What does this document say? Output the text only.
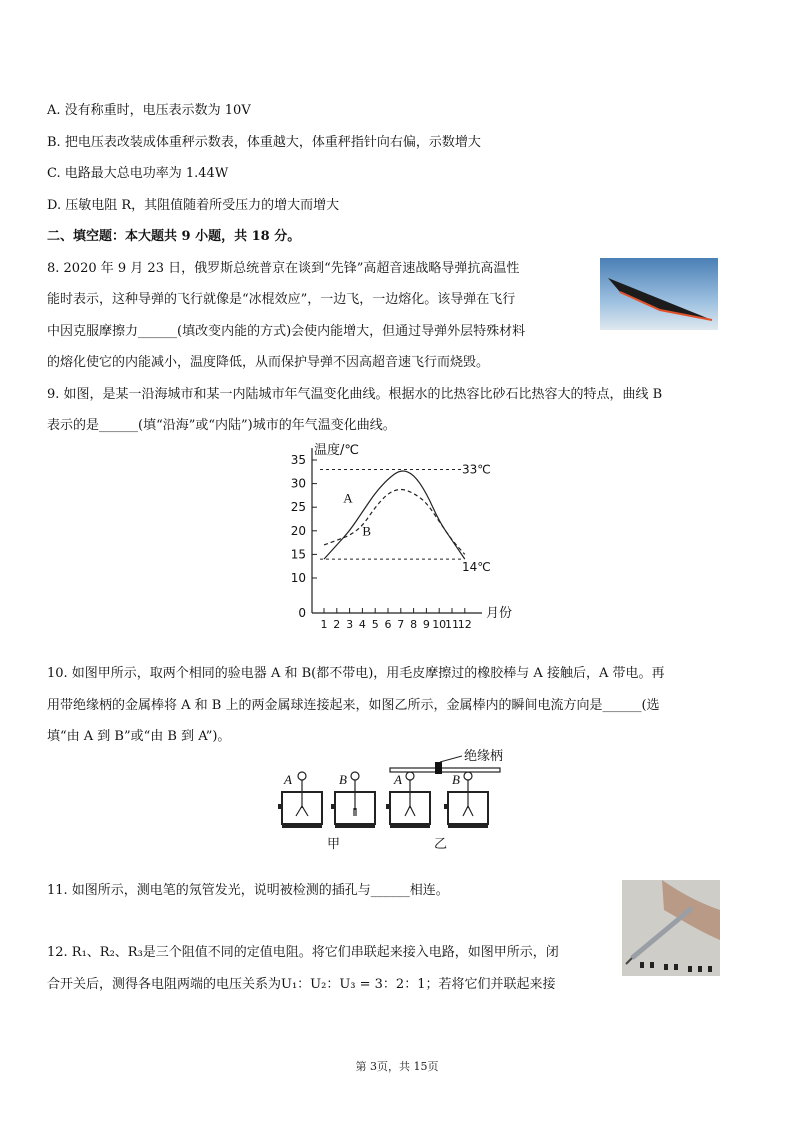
A. 没有称重时，电压表示数为 10V
B. 把电压表改装成体重秤示数表，体重越大，体重秤指针向右偏，示数增大
C. 电路最大总电功率为 1.44W
D. 压敏电阻 R，其阻值随着所受压力的增大而增大
二、填空题：本大题共 9 小题，共 18 分。
8. 2020 年 9 月 23 日，俄罗斯总统普京在谈到“先锋”高超音速战略导弹抗高温性
能时表示，这种导弹的飞行就像是“冰棍效应”，一边飞，一边熔化。该导弹在飞行
中因克服摩擦力______(填改变内能的方式)会使内能增大，但通过导弹外层特殊材料
的熔化使它的内能减小，温度降低，从而保护导弹不因高超音速飞行而烧毁。
9. 如图，是某一沿海城市和某一内陆城市年气温变化曲线。根据水的比热容比砂石比热容大的特点，曲线 B
表示的是______(填“沿海”或“内陆”)城市的年气温变化曲线。
0
10
15
20
25
30
35
1 2 3 4 5 6 7 8 9 10
11
12
温度/℃
月份
33℃
14℃
A
B
10. 如图甲所示，取两个相同的验电器 A 和 B(都不带电)，用毛皮摩擦过的橡胶棒与 A 接触后，A 带电。再
用带绝缘柄的金属棒将 A 和 B 上的两金属球连接起来，如图乙所示，金属棒内的瞬间电流方向是______(选
填“由 A 到 B”或“由 B 到 A”)。
A	B	A	B
绝缘柄
甲	乙
11. 如图所示，测电笔的氖管发光，说明被检测的插孔与______相连。
12. R₁、R₂、R₃是三个阻值不同的定值电阻。将它们串联起来接入电路，如图甲所示，闭
合开关后，测得各电阻两端的电压关系为U₁：U₂：U₃ = 3：2：1；若将它们并联起来接
第 3页，共 15页
